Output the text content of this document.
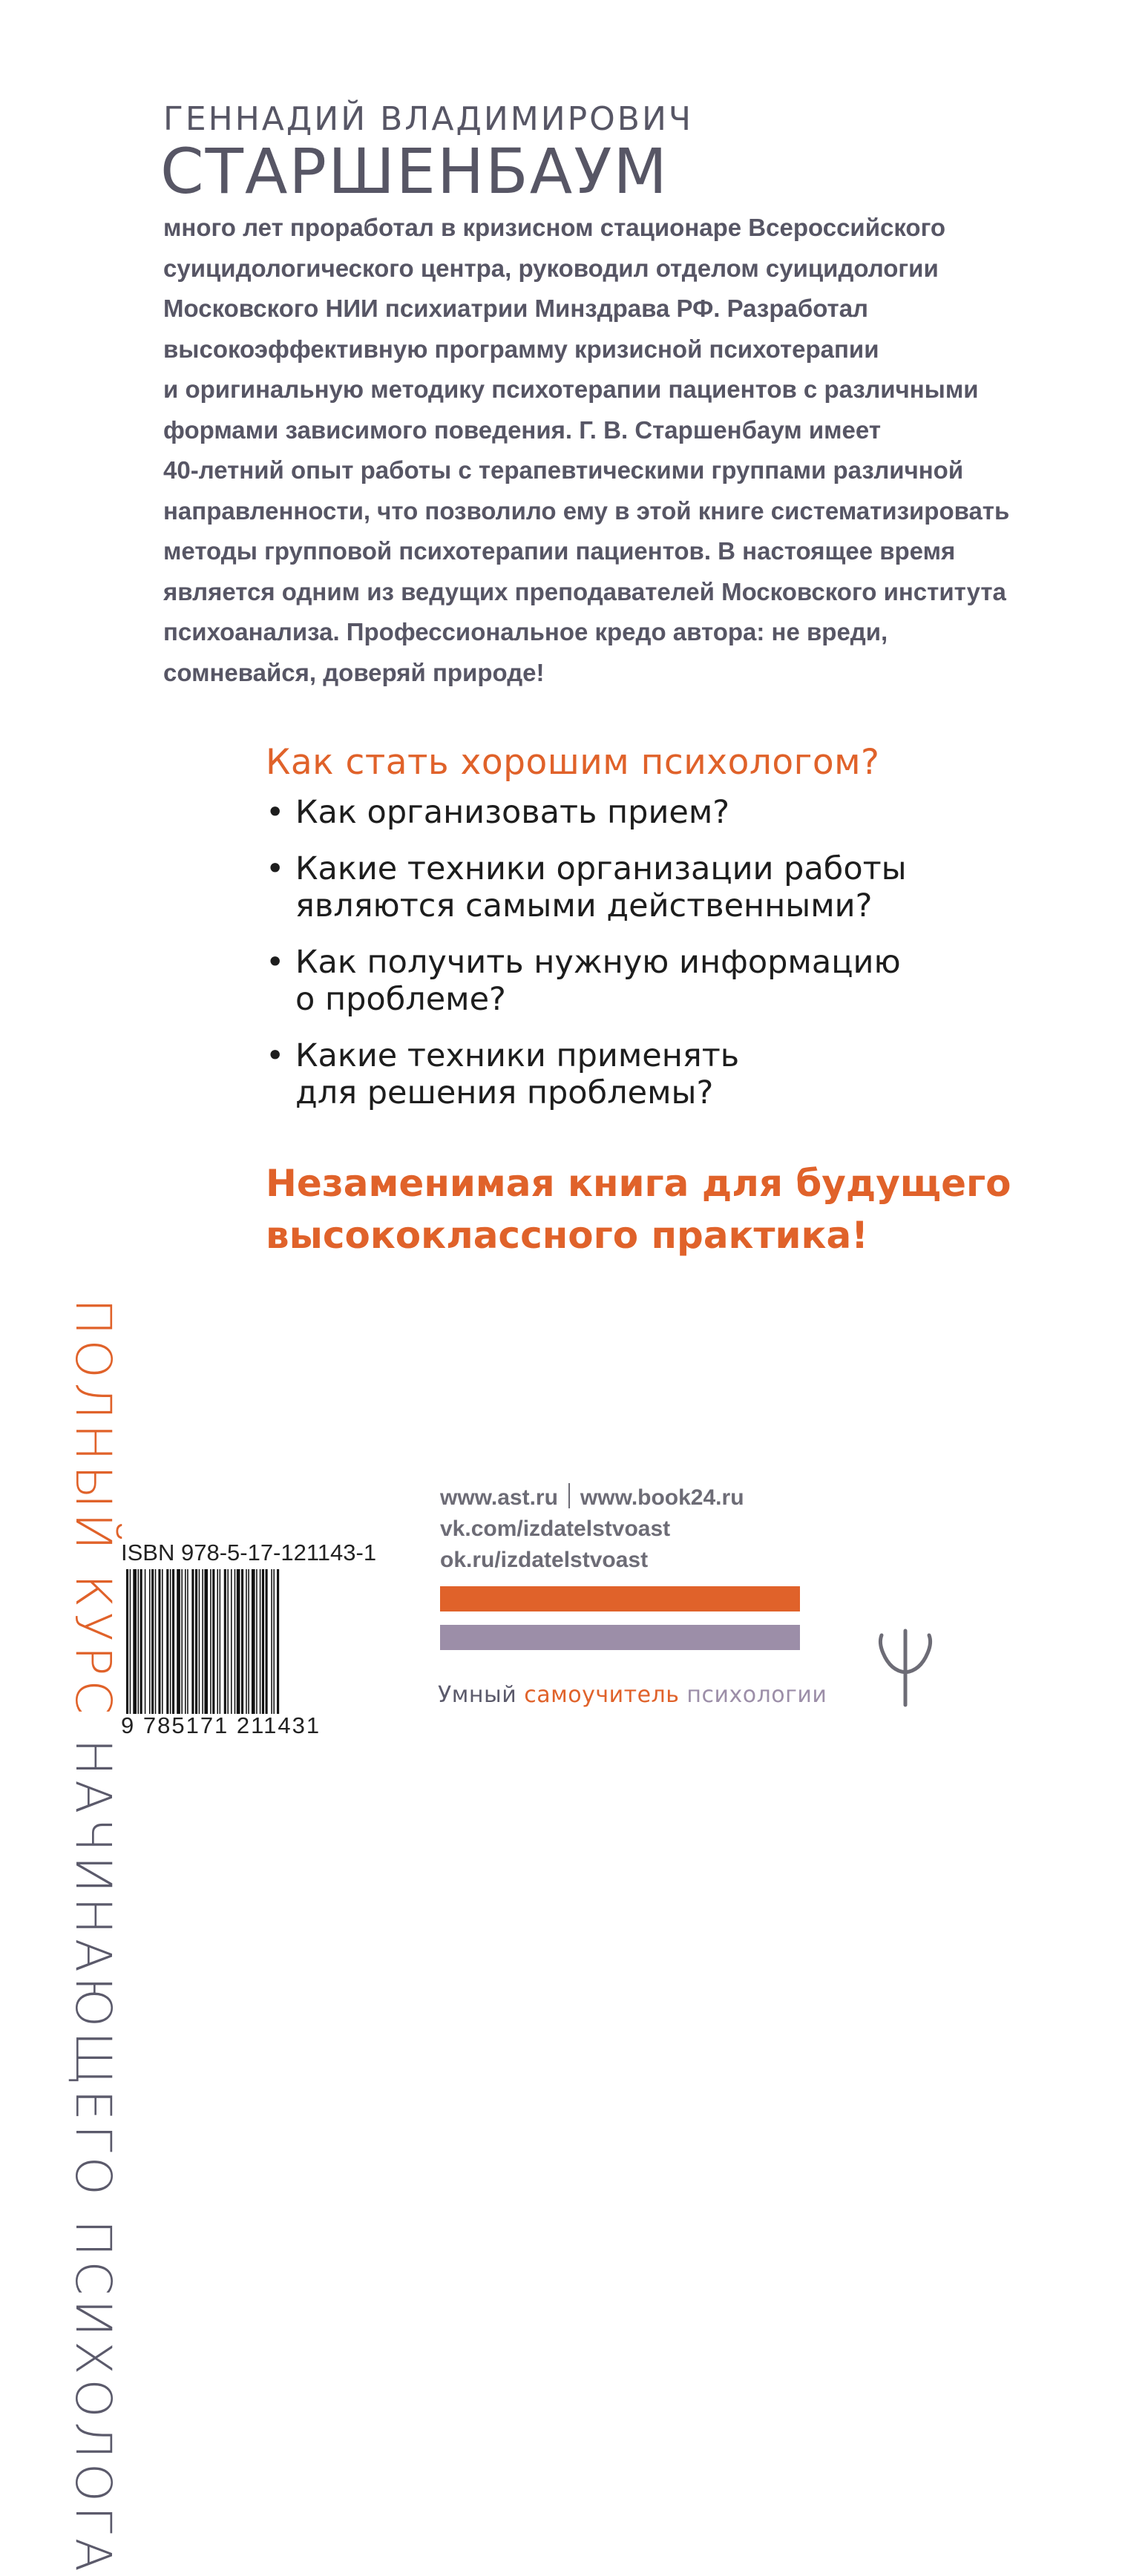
ПОЛНЫЙ КУРС НАЧИНАЮЩЕГО ПСИХОЛОГА
ГЕННАДИЙ ВЛАДИМИРОВИЧ
СТАРШЕНБАУМ
много лет проработал в кризисном стационаре Всероссийского
суицидологического центра, руководил отделом суицидологии
Московского НИИ психиатрии Минздрава РФ. Разработал
высокоэффективную программу кризисной психотерапии
и оригинальную методику психотерапии пациентов с различными
формами зависимого поведения. Г. В. Старшенбаум имеет
40-летний опыт работы с терапевтическими группами различной
направленности, что позволило ему в этой книге систематизировать
методы групповой психотерапии пациентов. В настоящее время
является одним из ведущих преподавателей Московского института
психоанализа. Профессиональное кредо автора: не вреди,
сомневайся, доверяй природе!
Как стать хорошим психологом?
• Как организовать прием?
• Какие техники организации работы
являются самыми действенными?
• Как получить нужную информацию
о проблеме?
• Какие техники применять
для решения проблемы?
Незаменимая книга для будущего
высококлассного практика!
ISBN 978-5-17-121143-1
9 785171 211431
www.ast.ru www.book24.ru
vk.com/izdatelstvoast
ok.ru/izdatelstvoast
Умный самоучитель психологии
